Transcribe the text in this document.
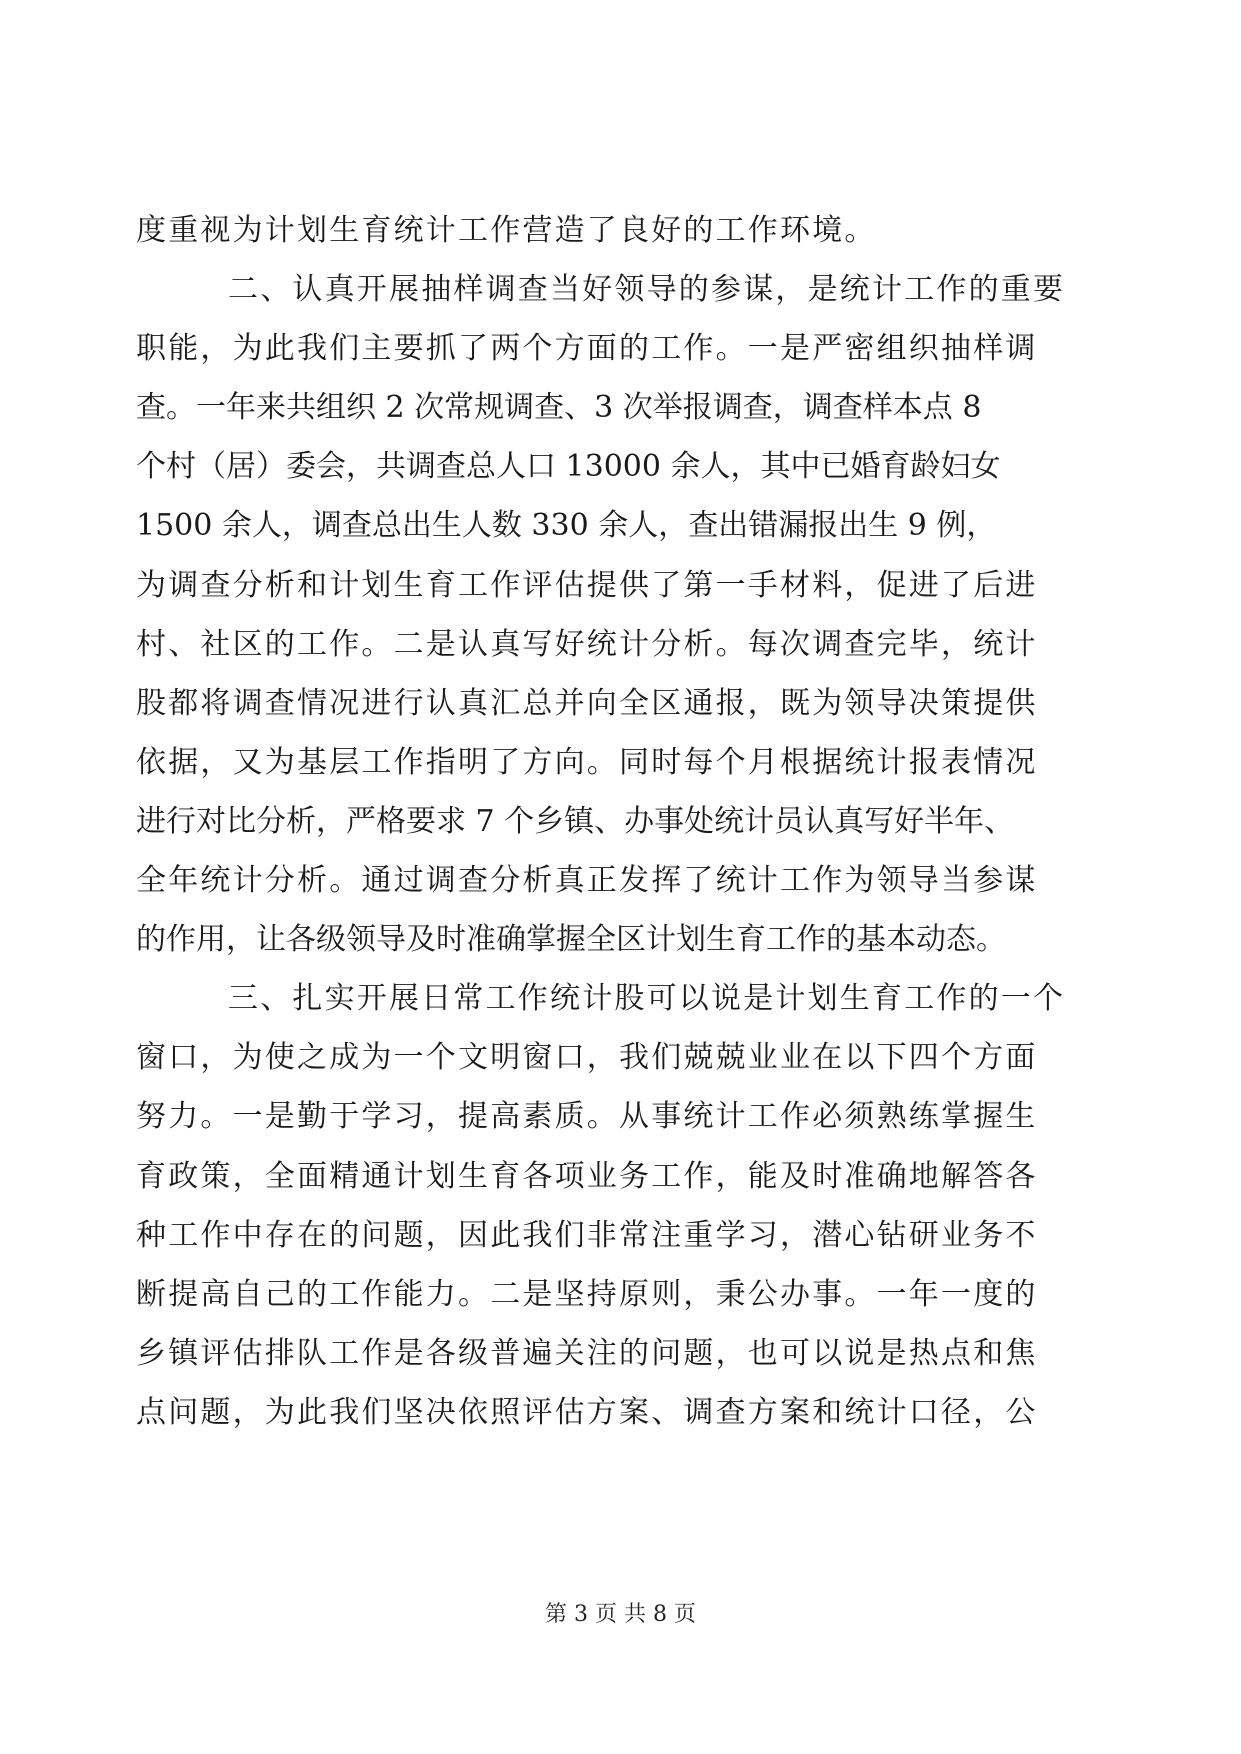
度重视为计划生育统计工作营造了良好的工作环境。
二、认真开展抽样调查当好领导的参谋，是统计工作的重要
职能，为此我们主要抓了两个方面的工作。一是严密组织抽样调
查。一年来共组织 2 次常规调查、3 次举报调查，调查样本点 8
个村（居）委会，共调查总人口 13000 余人，其中已婚育龄妇女
1500 余人，调查总出生人数 330 余人，查出错漏报出生 9 例，
为调查分析和计划生育工作评估提供了第一手材料，促进了后进
村、社区的工作。二是认真写好统计分析。每次调查完毕，统计
股都将调查情况进行认真汇总并向全区通报，既为领导决策提供
依据，又为基层工作指明了方向。同时每个月根据统计报表情况
进行对比分析，严格要求 7 个乡镇、办事处统计员认真写好半年、
全年统计分析。通过调查分析真正发挥了统计工作为领导当参谋
的作用，让各级领导及时准确掌握全区计划生育工作的基本动态。
三、扎实开展日常工作统计股可以说是计划生育工作的一个
窗口，为使之成为一个文明窗口，我们兢兢业业在以下四个方面
努力。一是勤于学习，提高素质。从事统计工作必须熟练掌握生
育政策，全面精通计划生育各项业务工作，能及时准确地解答各
种工作中存在的问题，因此我们非常注重学习，潜心钻研业务不
断提高自己的工作能力。二是坚持原则，秉公办事。一年一度的
乡镇评估排队工作是各级普遍关注的问题，也可以说是热点和焦
点问题，为此我们坚决依照评估方案、调查方案和统计口径，公
第 3 页 共 8 页
